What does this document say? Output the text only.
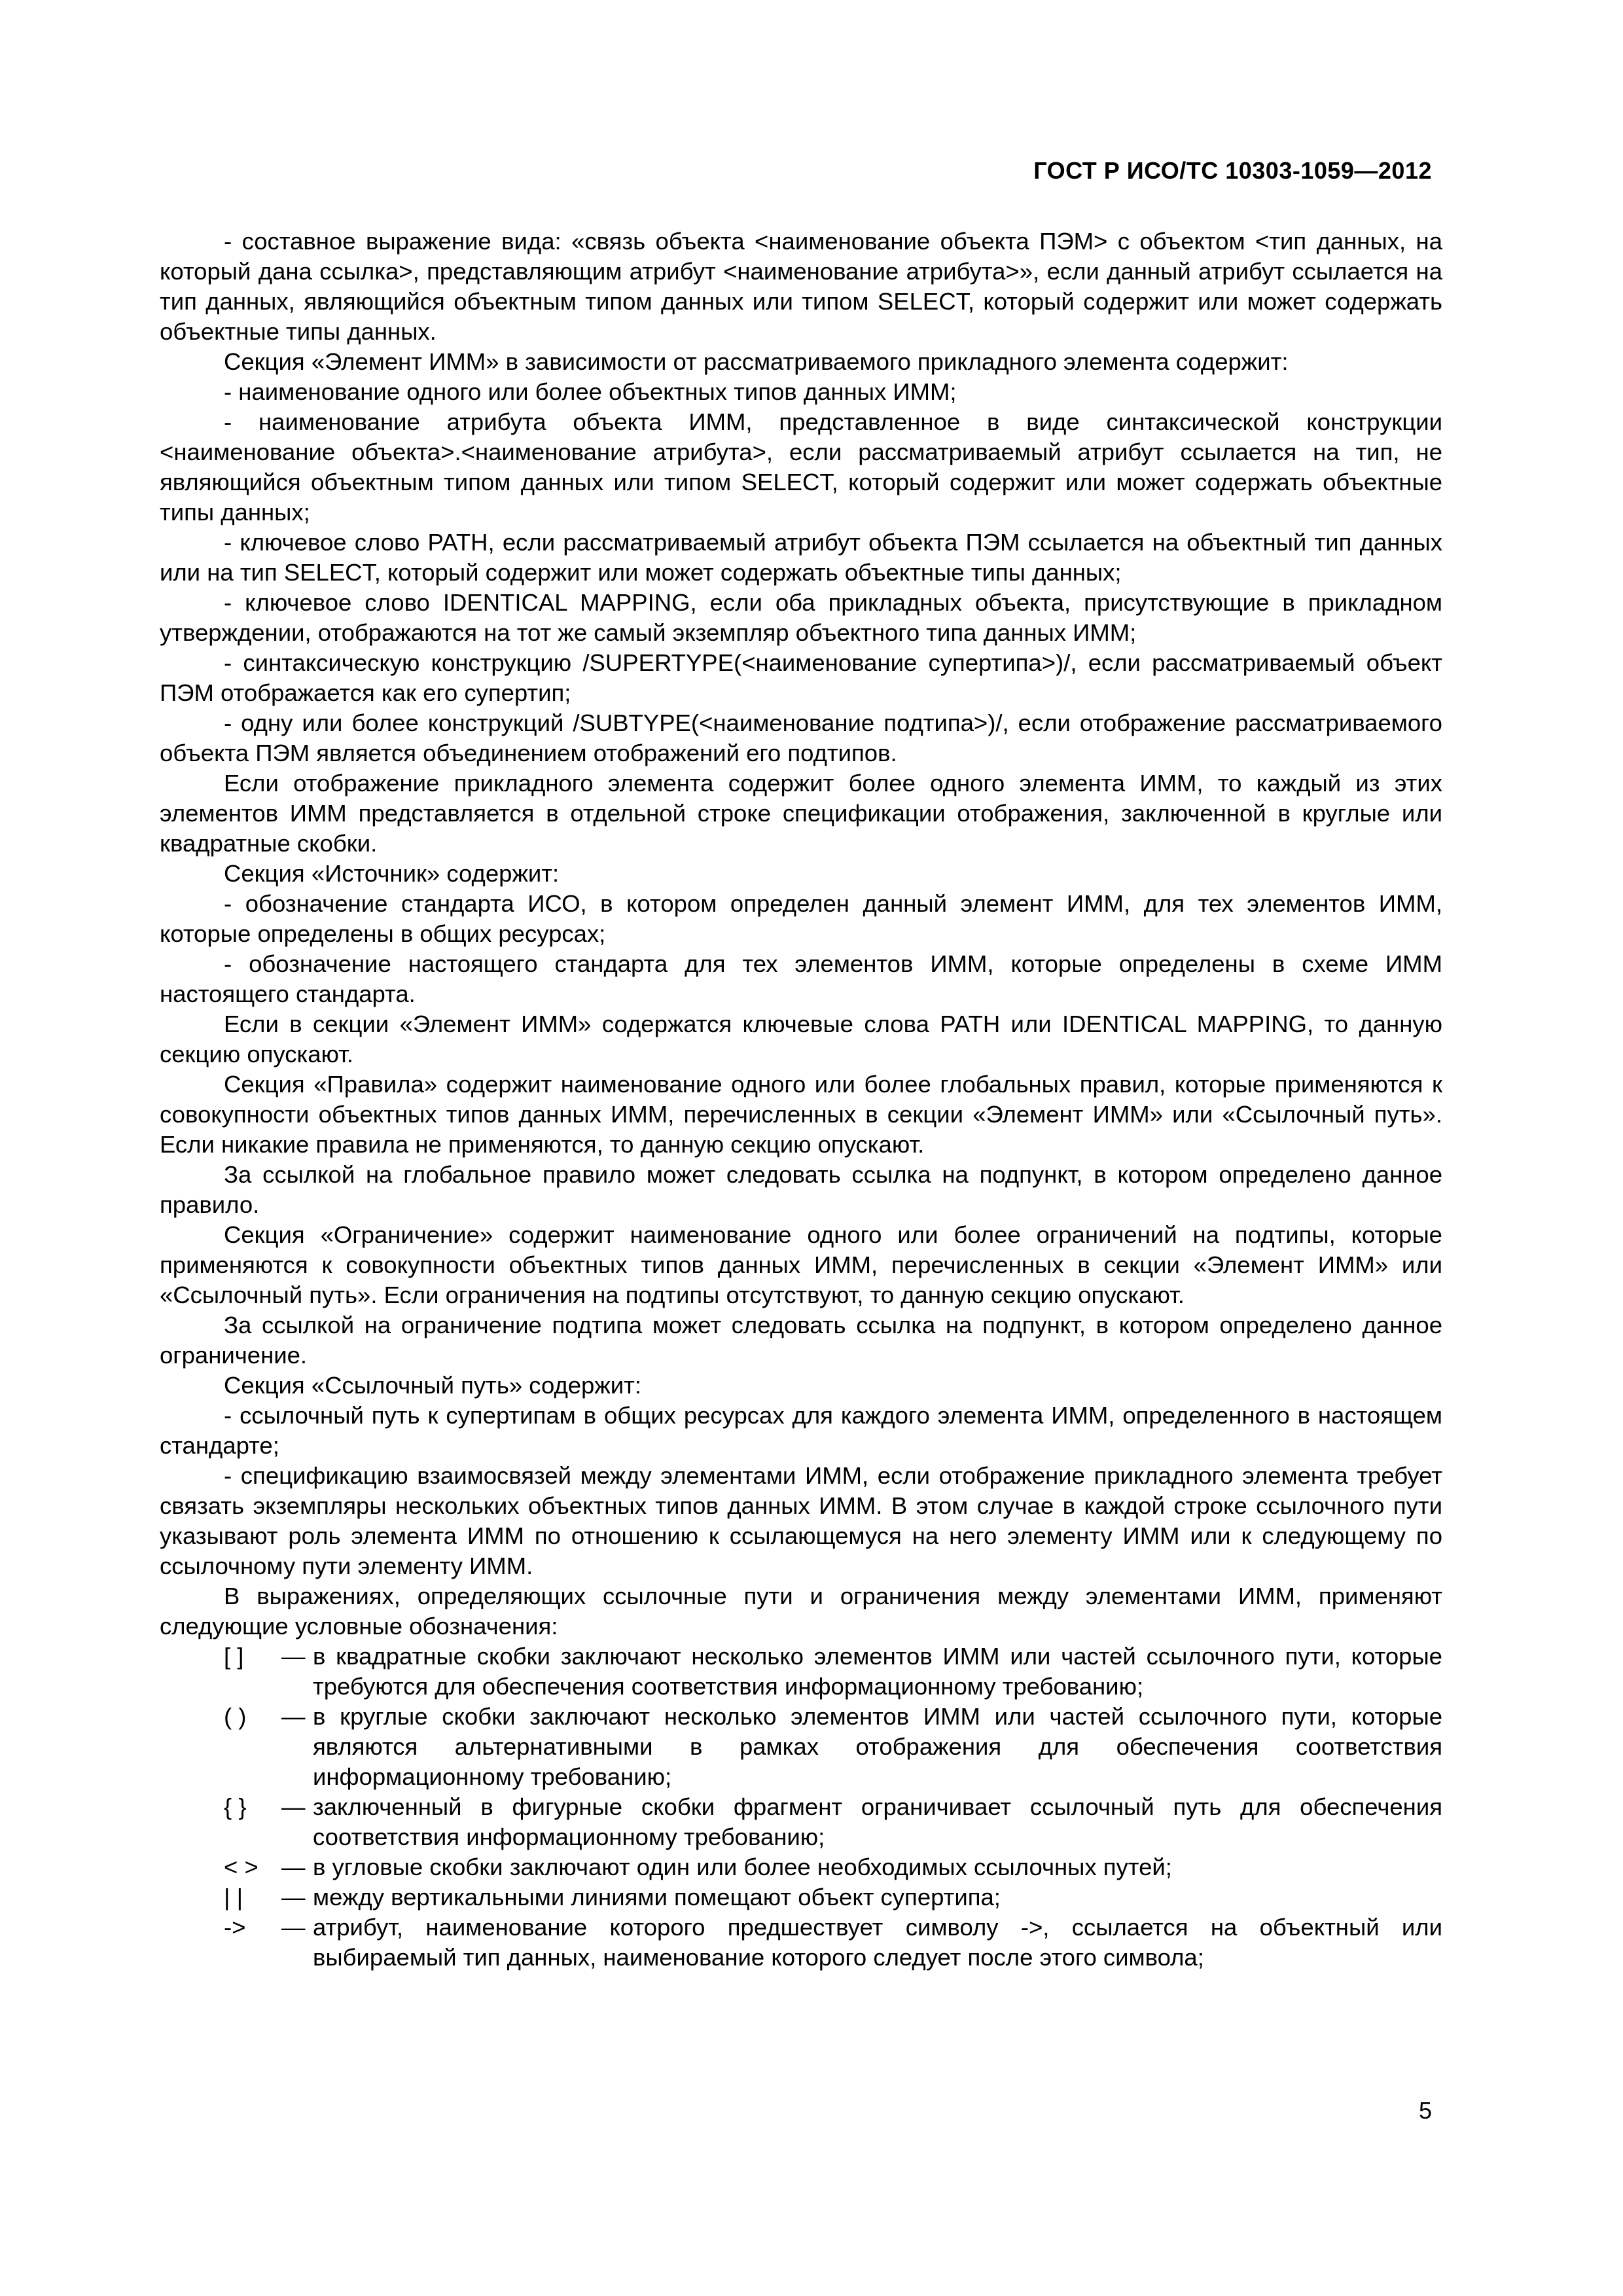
ГОСТ Р ИСО/ТС 10303-1059—2012

- составное выражение вида: «связь объекта <наименование объекта ПЭМ> с объектом <тип данных, на который дана ссылка>, представляющим атрибут <наименование атрибута>», если данный атрибут ссылается на тип данных, являющийся объектным типом данных или типом SELECT, который содержит или может содержать объектные типы данных.

Секция «Элемент ИММ» в зависимости от рассматриваемого прикладного элемента содержит:

- наименование одного или более объектных типов данных ИММ;

- наименование атрибута объекта ИММ, представленное в виде синтаксической конструкции <наименование объекта>.<наименование атрибута>, если рассматриваемый атрибут ссылается на тип, не являющийся объектным типом данных или типом SELECT, который содержит или может содержать объектные типы данных;

- ключевое слово PATH, если рассматриваемый атрибут объекта ПЭМ ссылается на объектный тип данных или на тип SELECT, который содержит или может содержать объектные типы данных;

- ключевое слово IDENTICAL MAPPING, если оба прикладных объекта, присутствующие в прикладном утверждении, отображаются на тот же самый экземпляр объектного типа данных ИММ;

- синтаксическую конструкцию /SUPERTYPE(<наименование супертипа>)/, если рассматриваемый объект ПЭМ отображается как его супертип;

- одну или более конструкций /SUBTYPE(<наименование подтипа>)/, если отображение рассматриваемого объекта ПЭМ является объединением отображений его подтипов.

Если отображение прикладного элемента содержит более одного элемента ИММ, то каждый из этих элементов ИММ представляется в отдельной строке спецификации отображения, заключенной в круглые или квадратные скобки.

Секция «Источник» содержит:

- обозначение стандарта ИСО, в котором определен данный элемент ИММ, для тех элементов ИММ, которые определены в общих ресурсах;

- обозначение настоящего стандарта для тех элементов ИММ, которые определены в схеме ИММ настоящего стандарта.

Если в секции «Элемент ИММ» содержатся ключевые слова PATH или IDENTICAL MAPPING, то данную секцию опускают.

Секция «Правила» содержит наименование одного или более глобальных правил, которые применяются к совокупности объектных типов данных ИММ, перечисленных в секции «Элемент ИММ» или «Ссылочный путь». Если никакие правила не применяются, то данную секцию опускают.

За ссылкой на глобальное правило может следовать ссылка на подпункт, в котором определено данное правило.

Секция «Ограничение» содержит наименование одного или более ограничений на подтипы, которые применяются к совокупности объектных типов данных ИММ, перечисленных в секции «Элемент ИММ» или «Ссылочный путь». Если ограничения на подтипы отсутствуют, то данную секцию опускают.

За ссылкой на ограничение подтипа может следовать ссылка на подпункт, в котором определено данное ограничение.

Секция «Ссылочный путь» содержит:

- ссылочный путь к супертипам в общих ресурсах для каждого элемента ИММ, определенного в настоящем стандарте;

- спецификацию взаимосвязей между элементами ИММ, если отображение прикладного элемента требует связать экземпляры нескольких объектных типов данных ИММ. В этом случае в каждой строке ссылочного пути указывают роль элемента ИММ по отношению к ссылающемуся на него элементу ИММ или к следующему по ссылочному пути элементу ИММ.

В выражениях, определяющих ссылочные пути и ограничения между элементами ИММ, применяют следующие условные обозначения:

[ ]	— в квадратные скобки заключают несколько элементов ИММ или частей ссылочного пути, которые требуются для обеспечения соответствия информационному требованию;
( )	— в круглые скобки заключают несколько элементов ИММ или частей ссылочного пути, которые являются альтернативными в рамках отображения для обеспечения соответствия информационному требованию;
{ }	— заключенный в фигурные скобки фрагмент ограничивает ссылочный путь для обеспечения соответствия информационному требованию;
< > — в угловые скобки заключают один или более необходимых ссылочных путей;
| |	— между вертикальными линиями помещают объект супертипа;
->	— атрибут, наименование которого предшествует символу ->, ссылается на объектный или выбираемый тип данных, наименование которого следует после этого символа;
5
